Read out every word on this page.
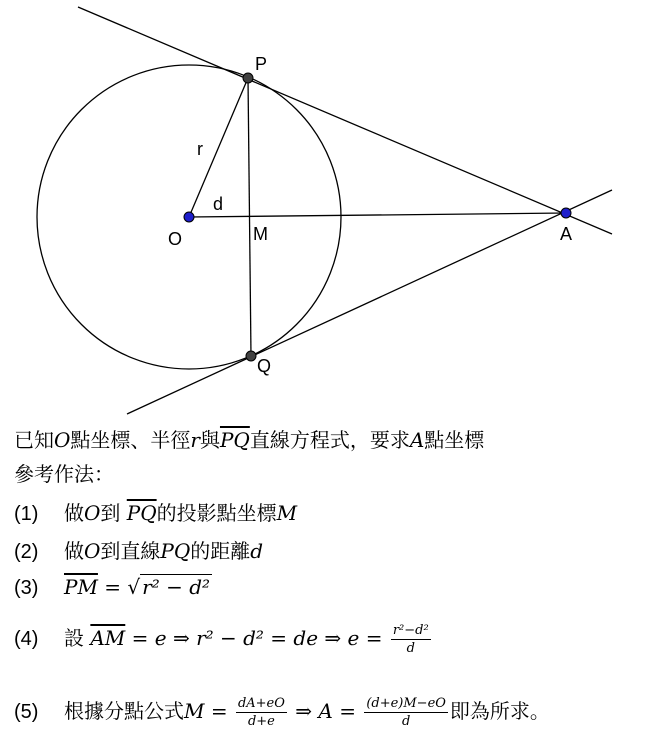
P
Q
O	A
M
r
d
已知O點坐標、半徑r與$\overline{PQ}$直線方程式，要求A點坐標
參考作法：
(1) 做O到 $\overline{PQ}$的投影點坐標M
(2) 做O到直線PQ的距離d
(3) $\overline{PM}$ = √ r² − d²
(4) 設 $\overline{AM} = e$ ⇒ r² − d² = de ⇒ $e = \frac{\text{r²−d²}}{d}$
(5) 根據分點公式$M = \frac{dA+eO}{d+e}$ ⇒ $A = \frac{(d+e)M-eO}{d}$ 即為所求。
